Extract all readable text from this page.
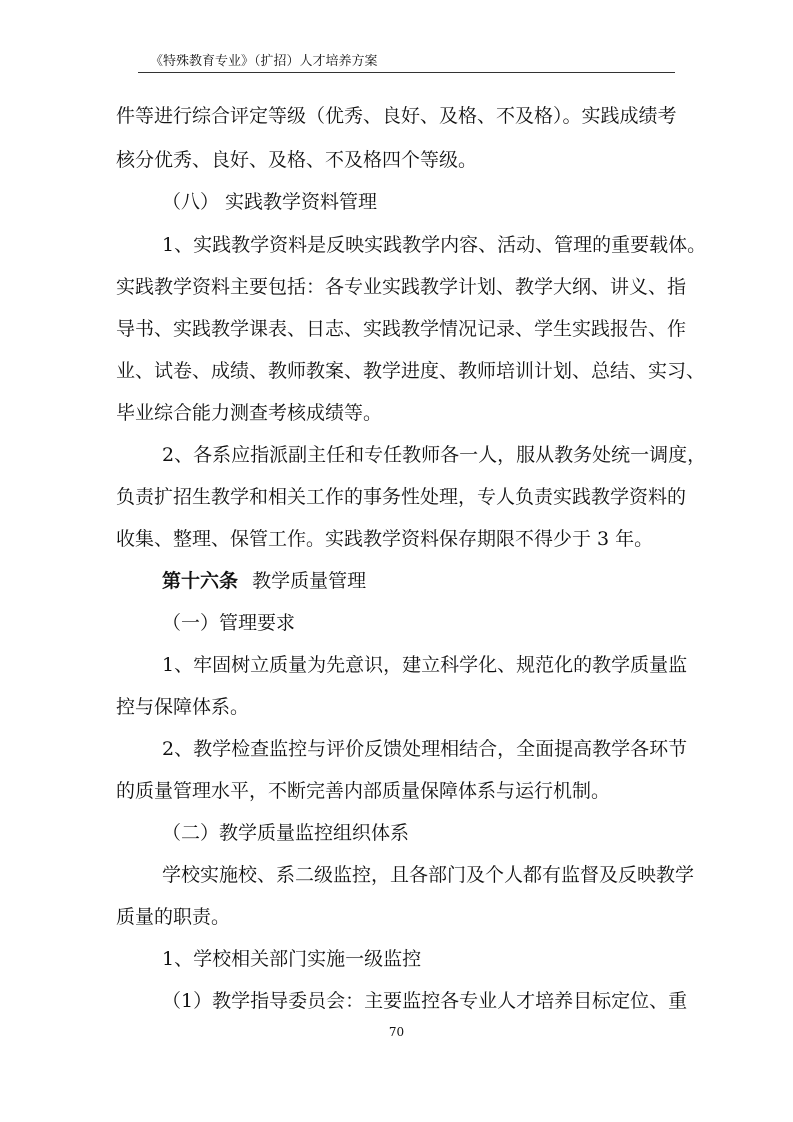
《特殊教育专业》（扩招）人才培养方案
件等进行综合评定等级（优秀、良好、及格、不及格）。实践成绩考
核分优秀、良好、及格、不及格四个等级。
（八） 实践教学资料管理
1、实践教学资料是反映实践教学内容、活动、管理的重要载体。
实践教学资料主要包括：各专业实践教学计划、教学大纲、讲义、指
导书、实践教学课表、日志、实践教学情况记录、学生实践报告、作
业、试卷、成绩、教师教案、教学进度、教师培训计划、总结、实习、
毕业综合能力测查考核成绩等。
2、各系应指派副主任和专任教师各一人，服从教务处统一调度，
负责扩招生教学和相关工作的事务性处理，专人负责实践教学资料的
收集、整理、保管工作。实践教学资料保存期限不得少于 3 年。
第十六条 教学质量管理
（一）管理要求
1、牢固树立质量为先意识，建立科学化、规范化的教学质量监
控与保障体系。
2、教学检查监控与评价反馈处理相结合，全面提高教学各环节
的质量管理水平，不断完善内部质量保障体系与运行机制。
（二）教学质量监控组织体系
学校实施校、系二级监控，且各部门及个人都有监督及反映教学
质量的职责。
1、学校相关部门实施一级监控
（1）教学指导委员会：主要监控各专业人才培养目标定位、重
70
